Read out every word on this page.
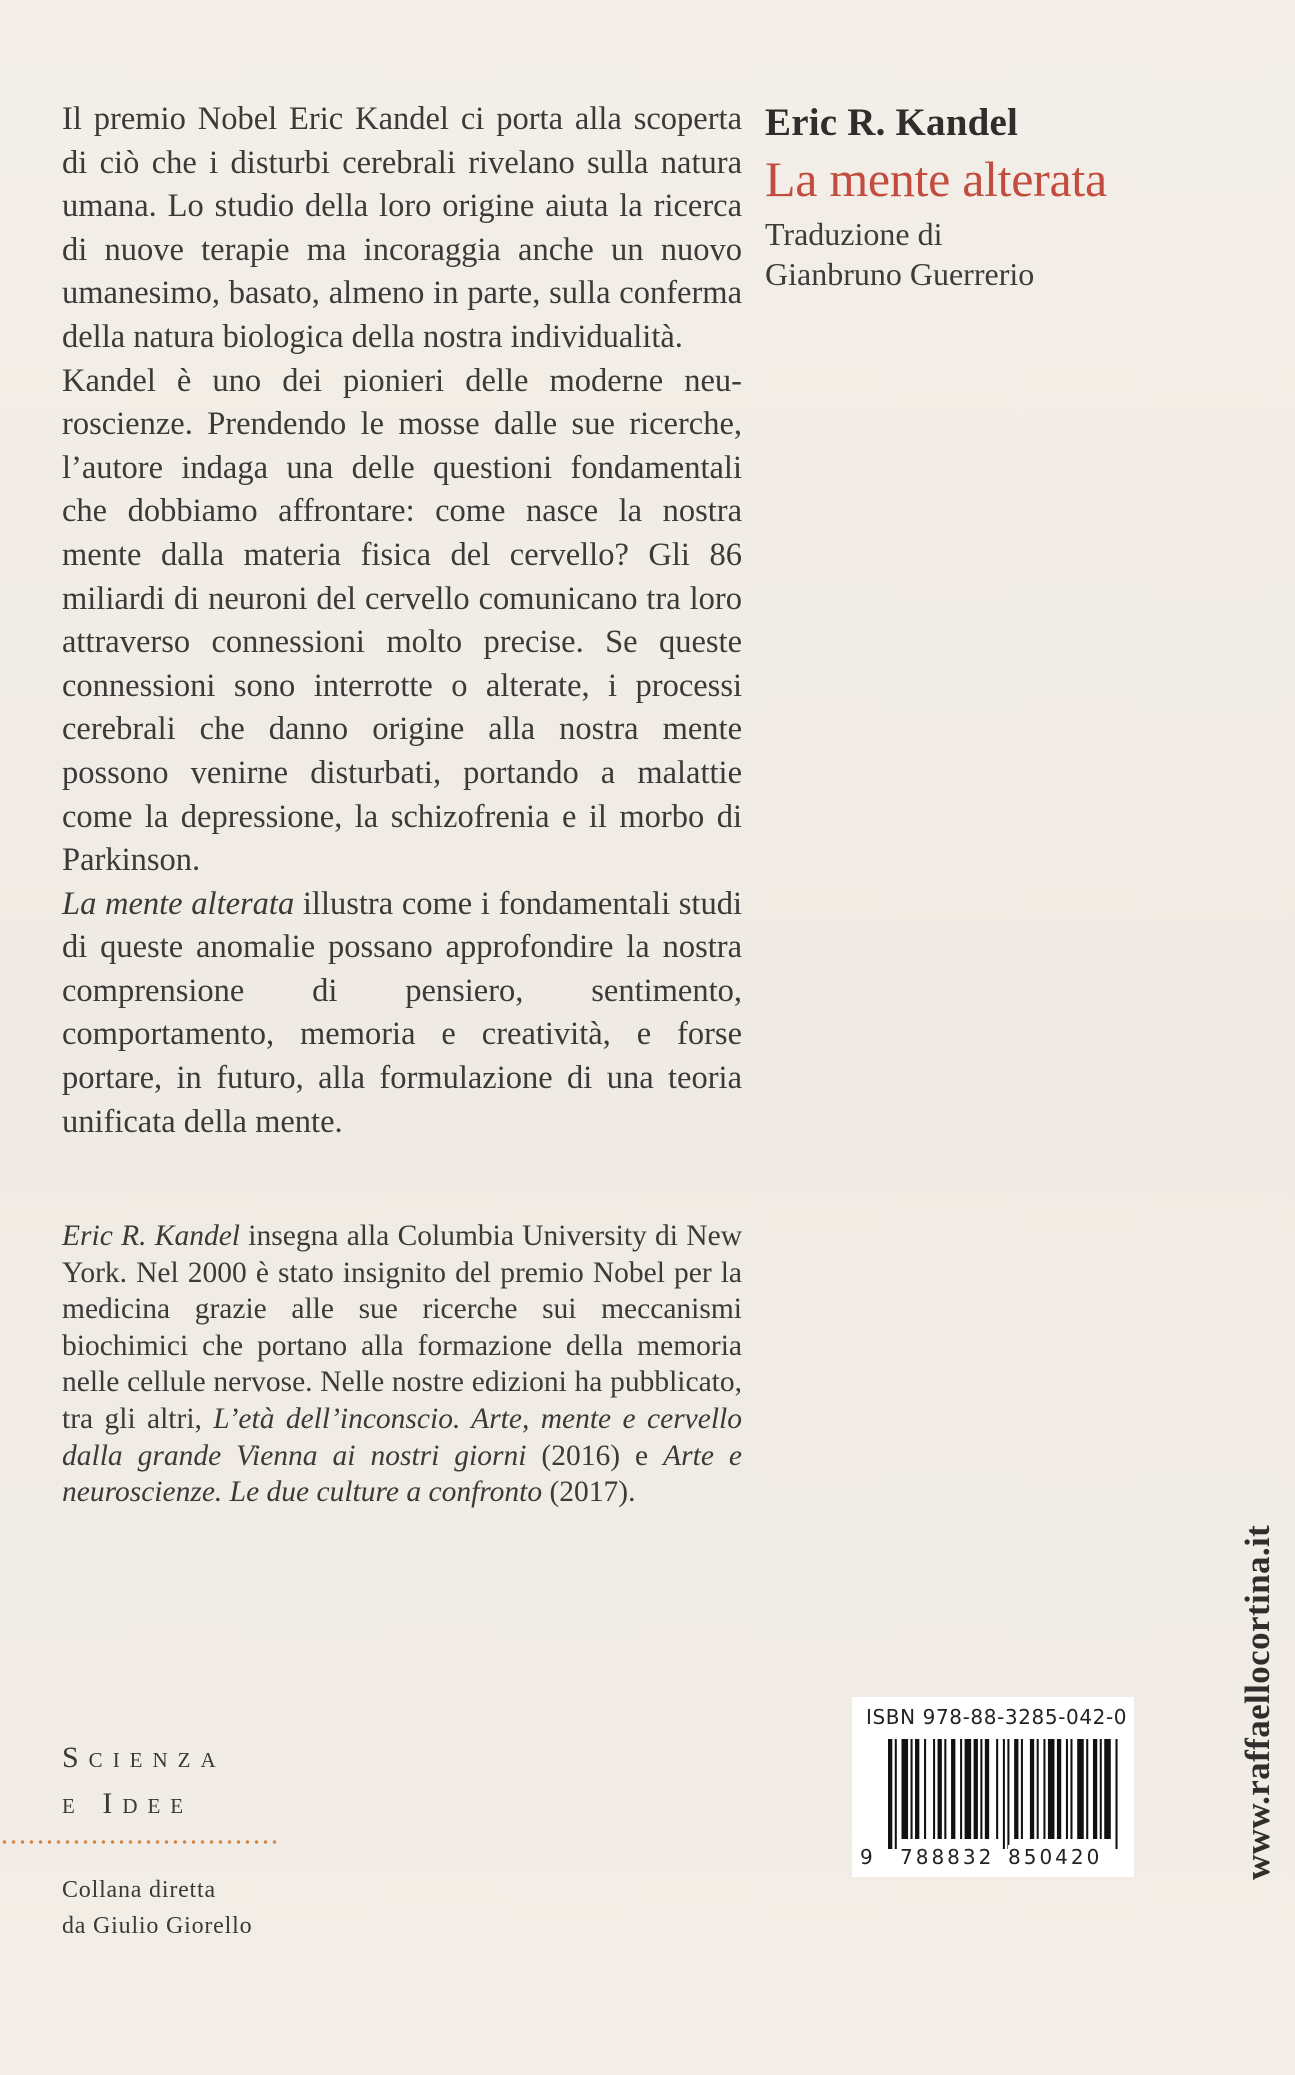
Il premio Nobel Eric Kandel ci porta alla scoperta di ciò che i disturbi cerebrali rivelano sulla natura umana. Lo studio della loro origine aiuta la ricerca di nuove terapie ma incoraggia anche un nuovo umanesimo, basato, almeno in parte, sulla conferma della natura biologica della nostra individualità.

Kandel è uno dei pionieri delle moderne neuroscienze. Prendendo le mosse dalle sue ricerche, l’autore indaga una delle questioni fondamentali che dobbiamo affrontare: come nasce la nostra mente dalla materia fisica del cervello? Gli 86 miliardi di neuroni del cervello comunicano tra loro attraverso connessioni molto precise. Se queste connessioni sono interrotte o alterate, i processi cerebrali che danno origine alla nostra mente possono venirne disturbati, portando a malattie come la depressione, la schizofrenia e il morbo di Parkinson.

La mente alterata illustra come i fondamentali studi di queste anomalie possano approfondire la nostra comprensione di pensiero, sentimento, comportamento, memoria e creatività, e forse portare, in futuro, alla formulazione di una teoria unificata della mente.

Eric R. Kandel insegna alla Columbia University di New York. Nel 2000 è stato insignito del premio Nobel per la medicina grazie alle sue ricerche sui meccanismi biochimici che portano alla formazione della memoria nelle cellule nervose. Nelle nostre edizioni ha pubblicato, tra gli altri, L’età dell’inconscio. Arte, mente e cervello dalla grande Vienna ai nostri giorni (2016) e Arte e neuroscienze. Le due culture a confronto (2017).

Eric R. Kandel
La mente alterata
Traduzione di
Gianbruno Guerrerio
Scienza
e Idee
Collana diretta
da Giulio Giorello
ISBN 978-88-3285-042-0
9 788832 850420	www.raffaellocortina.it
